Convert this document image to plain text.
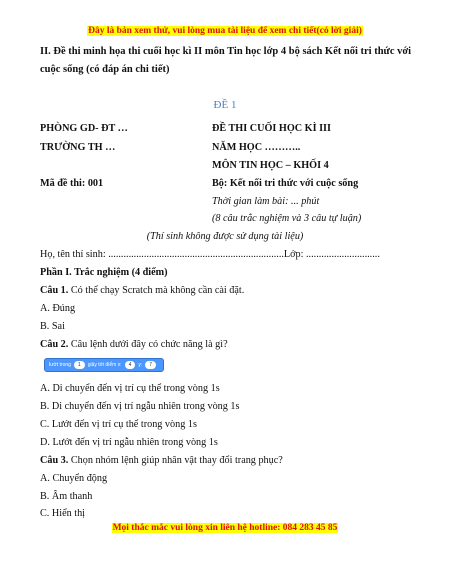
Đây là bản xem thử, vui lòng mua tài liệu để xem chi tiết(có lời giải)
II. Đề thi minh họa thi cuối học kì II môn Tin học lớp 4 bộ sách Kết nối tri thức với cuộc sống (có đáp án chi tiết)
ĐỀ 1
PHÒNG GD- ĐT …	ĐỀ THI CUỐI HỌC KÌ III
TRƯỜNG TH …	NĂM HỌC ………..
MÔN TIN HỌC – KHỐI 4
Mã đề thi: 001	Bộ: Kết nối tri thức với cuộc sống
Thời gian làm bài: ... phút
(8 câu trắc nghiệm và 3 câu tự luận)
(Thí sinh không được sử dụng tài liệu)
Họ, tên thí sinh: .....................................................................Lớp: .............................
Phần I. Trắc nghiệm (4 điểm)
Câu 1. Có thể chạy Scratch mà không cần cài đặt.
A. Đúng
B. Sai
Câu 2. Câu lệnh dưới đây có chức năng là gì?
lướt trong	1	giây tới điểm x:	4	y:	7
A. Di chuyển đến vị trí cụ thể trong vòng 1s
B. Di chuyển đến vị trí ngẫu nhiên trong vòng 1s
C. Lướt đến vị trí cụ thể trong vòng 1s
D. Lướt đến vị trí ngẫu nhiên trong vòng 1s
Câu 3. Chọn nhóm lệnh giúp nhân vật thay đổi trang phục?
A. Chuyển động
B. Âm thanh
C. Hiển thị
Mọi thắc mắc vui lòng xin liên hệ hotline: 084 283 45 85
